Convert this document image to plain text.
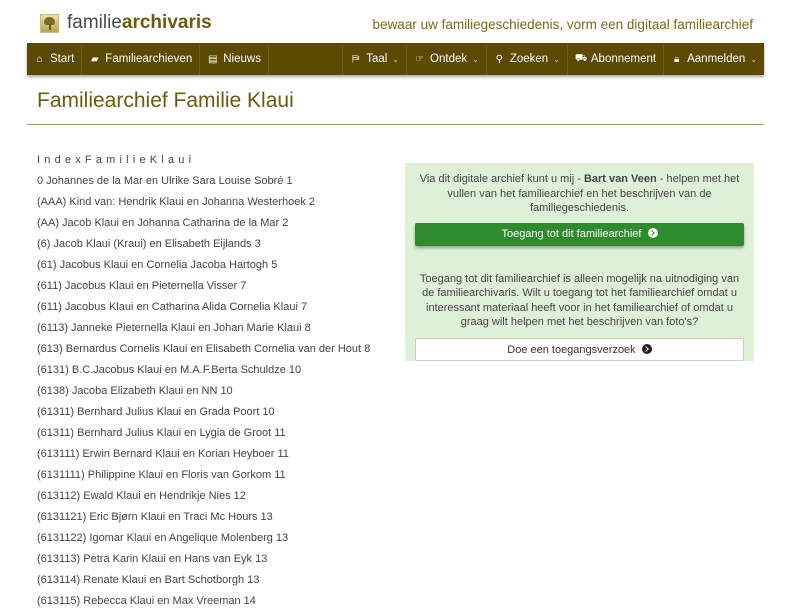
familiearchivaris	bewaar uw familiegeschiedenis, vorm een digitaal familiearchief
⌂ Start ▰ Familiearchieven ▤ Nieuws	⛿ Taal ⌄ ☞ Ontdek ⌄ ⚲ Zoeken ⌄ ⛟ Abonnement 🔒︎ Aanmelden ⌄
Familiearchief Familie Klaui
IndexFamilieKlaui
0 Johannes de la Mar en Ulrike Sara Louise Sobré 1
(AAA) Kind van: Hendrik Klaui en Johanna Westerhoek 2
(AA) Jacob Klaui en Johanna Catharina de la Mar 2
(6) Jacob Klaui (Kraui) en Elisabeth Eijlands 3
(61) Jacobus Klaui en Cornelia Jacoba Hartogh 5
(611) Jacobus Klaui en Pieternella Visser 7
(611) Jacobus Klaui en Catharina Alida Cornelia Klaui 7
(6113) Janneke Pieternella Klaui en Johan Marie Klaui 8
(613) Bernardus Cornelis Klaui en Elisabeth Cornelia van der Hout 8
(6131) B.C.Jacobus Klaui en M.A.F.Berta Schuldze 10
(6138) Jacoba Elizabeth Klaui en NN 10
(61311) Bernhard Julius Klaui en Grada Poort 10
(61311) Bernhard Julius Klaui en Lygia de Groot 11
(613111) Erwin Bernard Klaui en Korian Heyboer 11
(6131111) Philippine Klaui en Floris van Gorkom 11
(613112) Ewald Klaui en Hendrikje Nies 12
(6131121) Eric Bjørn Klaui en Traci Mc Hours 13
(6131122) Igomar Klaui en Angelique Molenberg 13
(613113) Petra Karin Klaui en Hans van Eyk 13
(613114) Renate Klaui en Bart Schotborgh 13
(613115) Rebecca Klaui en Max Vreeman 14

Via dit digitale archief kunt u mij - Bart van Veen - helpen met het vullen van het familiearchief en het beschrijven van de familiegeschiedenis.

Toegang tot dit familiearchief

Toegang tot dit familiearchief is alleen mogelijk na uitnodiging van de familiearchivaris. Wilt u toegang tot het familiearchief omdat u interessant materiaal heeft voor in het familiearchief of omdat u graag wilt helpen met het beschrijven van foto's?

Doe een toegangsverzoek
